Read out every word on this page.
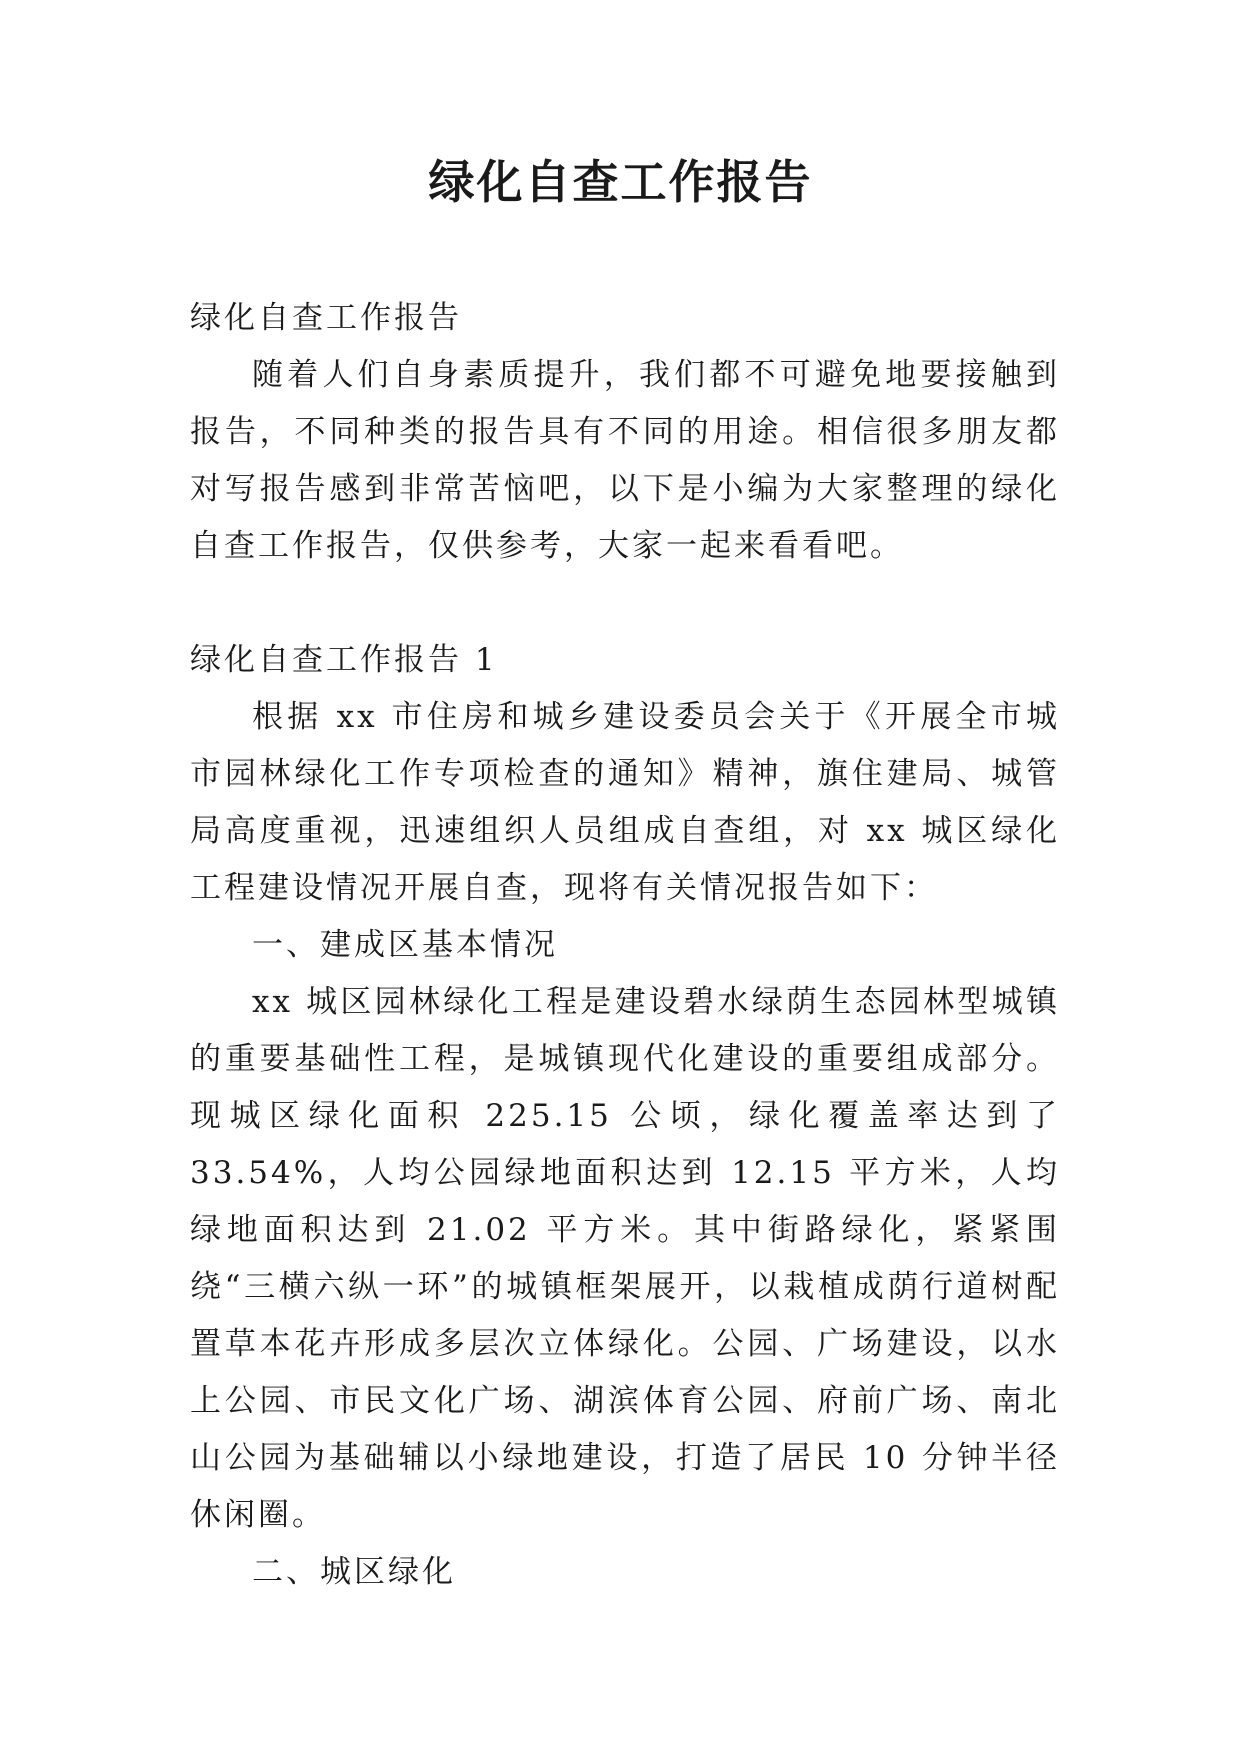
绿化自查工作报告

绿化自查工作报告

随着人们自身素质提升，我们都不可避免地要接触到报告，不同种类的报告具有不同的用途。相信很多朋友都对写报告感到非常苦恼吧，以下是小编为大家整理的绿化自查工作报告，仅供参考，大家一起来看看吧。

绿化自查工作报告 1

根据 xx 市住房和城乡建设委员会关于《开展全市城市园林绿化工作专项检查的通知》精神，旗住建局、城管局高度重视，迅速组织人员组成自查组，对 xx 城区绿化工程建设情况开展自查，现将有关情况报告如下：

一、建成区基本情况

xx 城区园林绿化工程是建设碧水绿荫生态园林型城镇的重要基础性工程，是城镇现代化建设的重要组成部分。现城区绿化面积 225.15 公顷，绿化覆盖率达到了 33.54%，人均公园绿地面积达到 12.15 平方米，人均绿地面积达到 21.02 平方米。其中街路绿化，紧紧围绕“三横六纵一环”的城镇框架展开，以栽植成荫行道树配置草本花卉形成多层次立体绿化。公园、广场建设，以水上公园、市民文化广场、湖滨体育公园、府前广场、南北山公园为基础辅以小绿地建设，打造了居民 10 分钟半径休闲圈。

二、城区绿化
